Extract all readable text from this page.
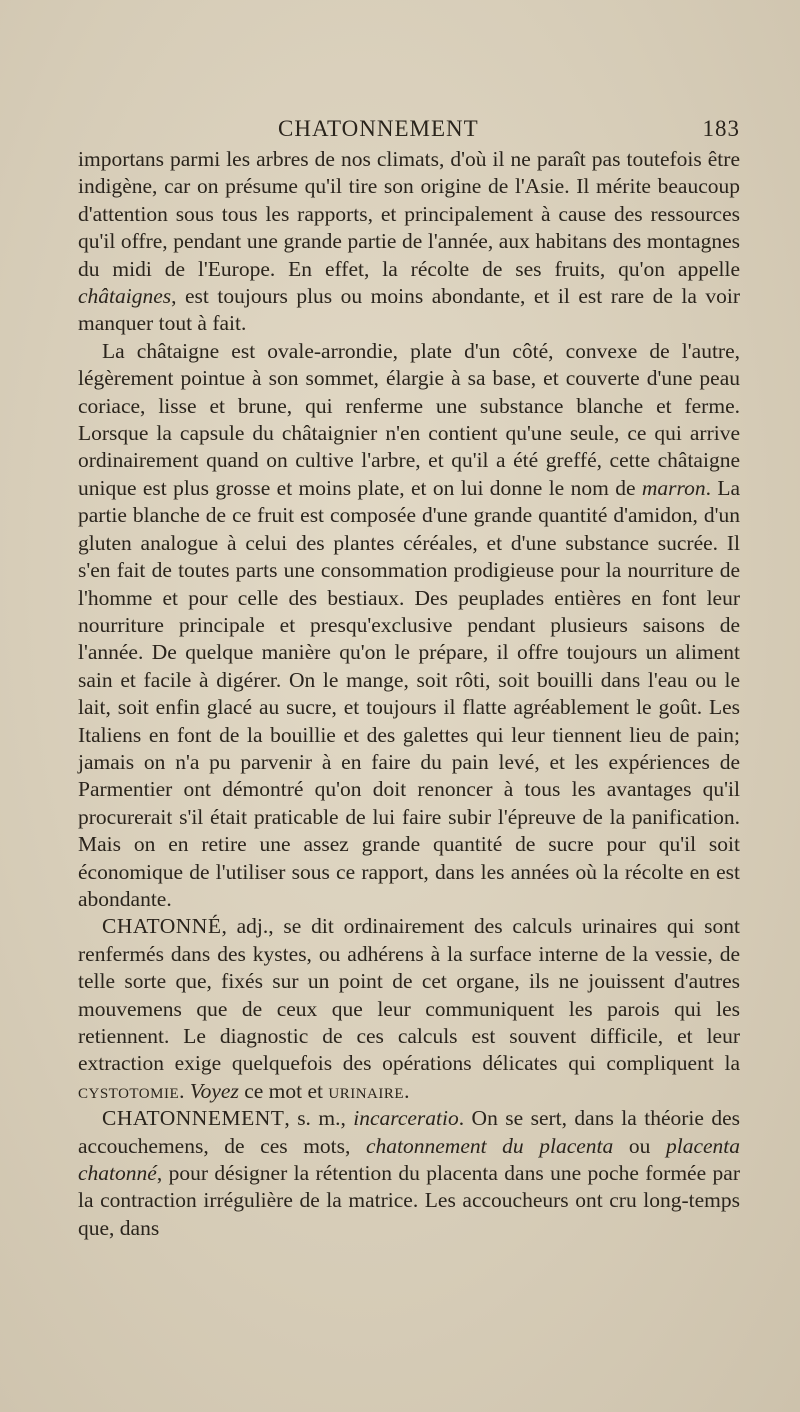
CHATONNEMENT	183

importans parmi les arbres de nos climats, d'où il ne paraît pas toutefois être indigène, car on présume qu'il tire son origine de l'Asie. Il mérite beaucoup d'attention sous tous les rapports, et principalement à cause des ressources qu'il offre, pendant une grande partie de l'année, aux habitans des montagnes du midi de l'Europe. En effet, la récolte de ses fruits, qu'on appelle châtaignes, est toujours plus ou moins abondante, et il est rare de la voir manquer tout à fait.

La châtaigne est ovale-arrondie, plate d'un côté, convexe de l'autre, légèrement pointue à son sommet, élargie à sa base, et couverte d'une peau coriace, lisse et brune, qui renferme une substance blanche et ferme. Lorsque la capsule du châtaignier n'en contient qu'une seule, ce qui arrive ordinairement quand on cultive l'arbre, et qu'il a été greffé, cette châtaigne unique est plus grosse et moins plate, et on lui donne le nom de marron. La partie blanche de ce fruit est composée d'une grande quantité d'amidon, d'un gluten analogue à celui des plantes céréales, et d'une substance sucrée. Il s'en fait de toutes parts une consommation prodigieuse pour la nourriture de l'homme et pour celle des bestiaux. Des peuplades entières en font leur nourriture principale et presqu'exclusive pendant plusieurs saisons de l'année. De quelque manière qu'on le prépare, il offre toujours un aliment sain et facile à digérer. On le mange, soit rôti, soit bouilli dans l'eau ou le lait, soit enfin glacé au sucre, et toujours il flatte agréablement le goût. Les Italiens en font de la bouillie et des galettes qui leur tiennent lieu de pain; jamais on n'a pu parvenir à en faire du pain levé, et les expériences de Parmentier ont démontré qu'on doit renoncer à tous les avantages qu'il procurerait s'il était praticable de lui faire subir l'épreuve de la panification. Mais on en retire une assez grande quantité de sucre pour qu'il soit économique de l'utiliser sous ce rapport, dans les années où la récolte en est abondante.

CHATONNÉ, adj., se dit ordinairement des calculs urinaires qui sont renfermés dans des kystes, ou adhérens à la surface interne de la vessie, de telle sorte que, fixés sur un point de cet organe, ils ne jouissent d'autres mouvemens que de ceux que leur communiquent les parois qui les retiennent. Le diagnostic de ces calculs est souvent difficile, et leur extraction exige quelquefois des opérations délicates qui compliquent la cystotomie. Voyez ce mot et urinaire.

CHATONNEMENT, s. m., incarceratio. On se sert, dans la théorie des accouchemens, de ces mots, chatonnement du placenta ou placenta chatonné, pour désigner la rétention du placenta dans une poche formée par la contraction irrégulière de la matrice. Les accoucheurs ont cru long-temps que, dans
